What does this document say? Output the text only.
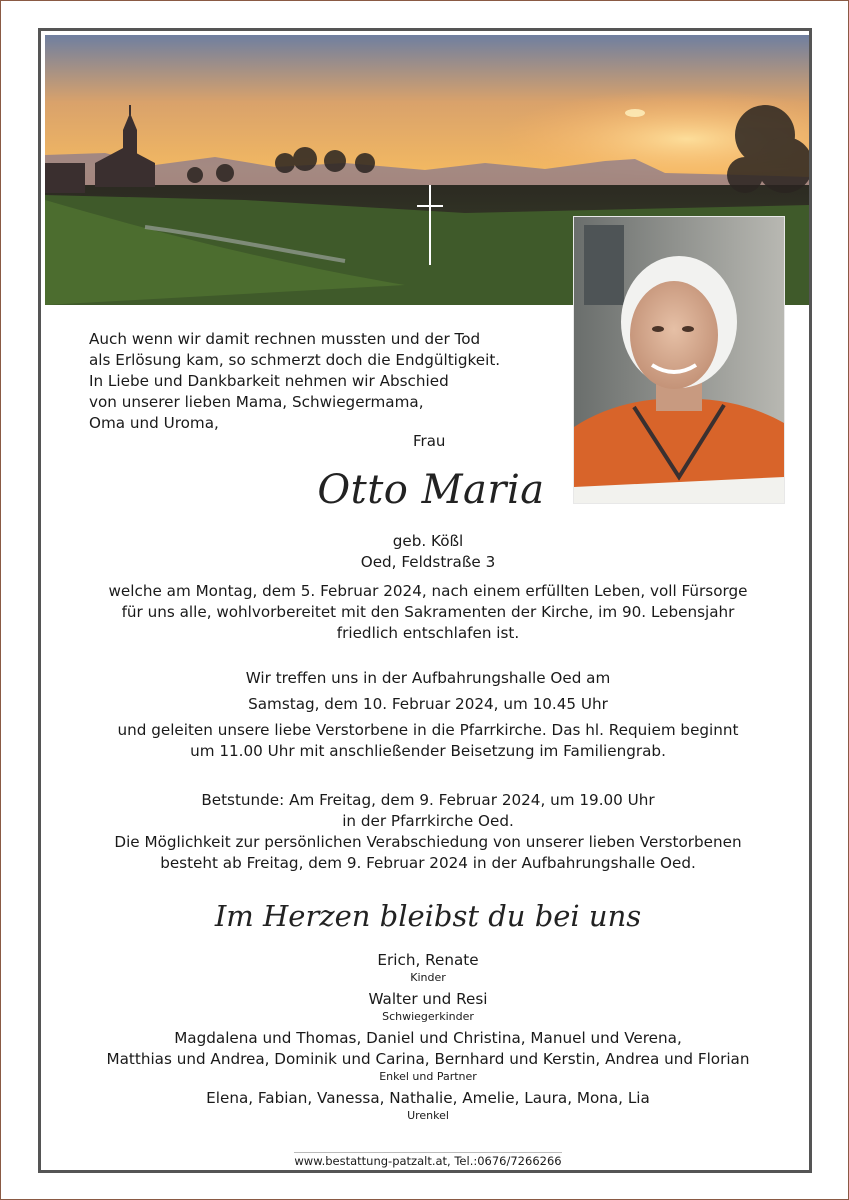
Auch wenn wir damit rechnen mussten und der Tod

als Erlösung kam, so schmerzt doch die Endgültigkeit.

In Liebe und Dankbarkeit nehmen wir Abschied

von unserer lieben Mama, Schwiegermama,

Oma und Uroma,

Frau
Otto Maria

geb. Kößl

Oed, Feldstraße 3

welche am Montag, dem 5. Februar 2024, nach einem erfüllten Leben, voll Fürsorge

für uns alle, wohlvorbereitet mit den Sakramenten der Kirche, im 90. Lebensjahr

friedlich entschlafen ist.

Wir treffen uns in der Aufbahrungshalle Oed am

Samstag, dem 10. Februar 2024, um 10.45 Uhr

und geleiten unsere liebe Verstorbene in die Pfarrkirche. Das hl. Requiem beginnt

um 11.00 Uhr mit anschließender Beisetzung im Familiengrab.

Betstunde: Am Freitag, dem 9. Februar 2024, um 19.00 Uhr

in der Pfarrkirche Oed.

Die Möglichkeit zur persönlichen Verabschiedung von unserer lieben Verstorbenen

besteht ab Freitag, dem 9. Februar 2024 in der Aufbahrungshalle Oed.

Im Herzen bleibst du bei uns
Erich, Renate
Kinder
Walter und Resi
Schwiegerkinder
Magdalena und Thomas, Daniel und Christina, Manuel und Verena,
Matthias und Andrea, Dominik und Carina, Bernhard und Kerstin, Andrea und Florian
Enkel und Partner
Elena, Fabian, Vanessa, Nathalie, Amelie, Laura, Mona, Lia
Urenkel
www.bestattung-patzalt.at, Tel.:0676/7266266
